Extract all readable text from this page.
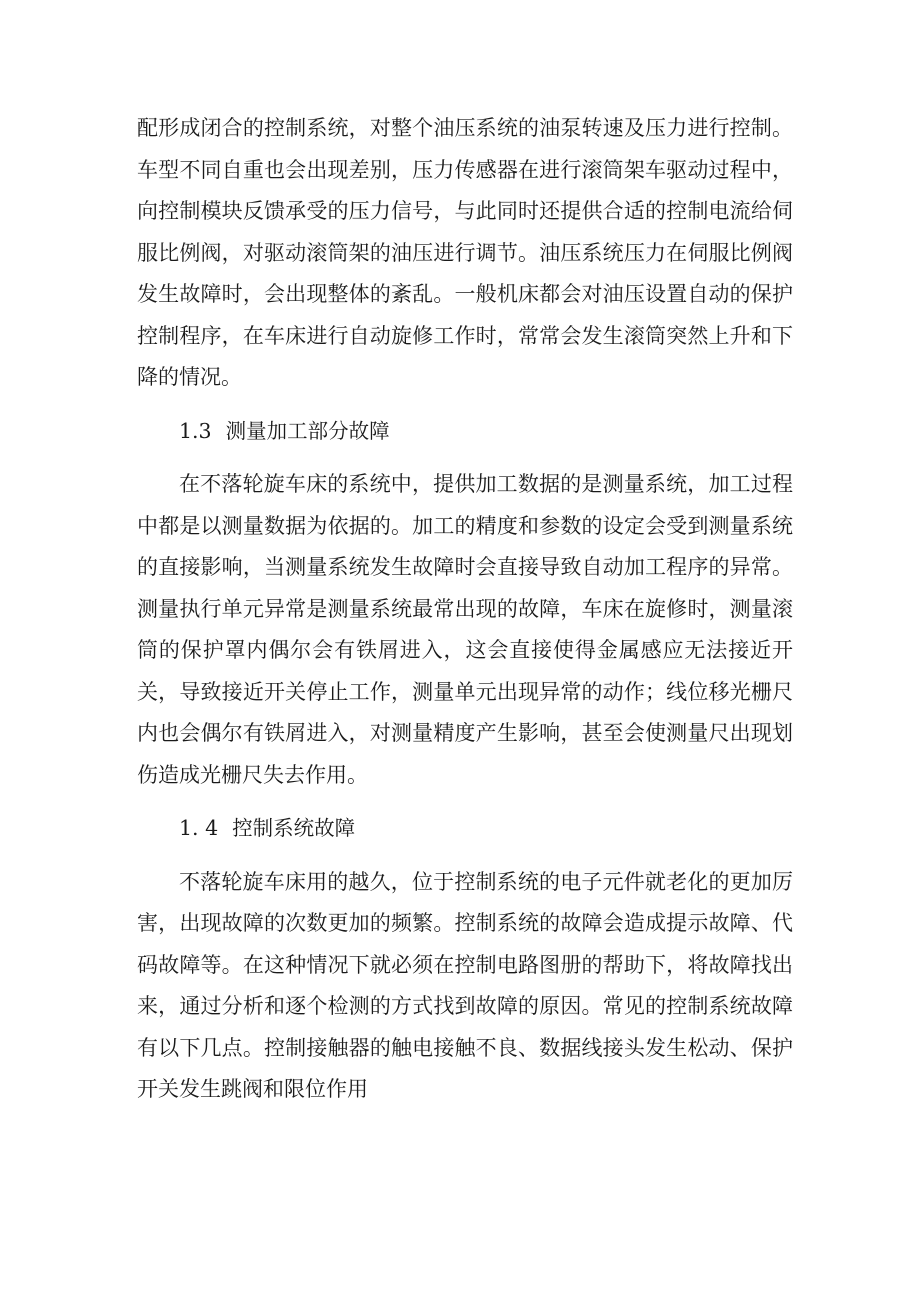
配形成闭合的控制系统，对整个油压系统的油泵转速及压力进行控制。车型不同自重也会出现差别，压力传感器在进行滚筒架车驱动过程中，向控制模块反馈承受的压力信号，与此同时还提供合适的控制电流给伺服比例阀，对驱动滚筒架的油压进行调节。油压系统压力在伺服比例阀发生故障时，会出现整体的紊乱。一般机床都会对油压设置自动的保护控制程序，在车床进行自动旋修工作时，常常会发生滚筒突然上升和下降的情况。

1.3 测量加工部分故障

在不落轮旋车床的系统中，提供加工数据的是测量系统，加工过程中都是以测量数据为依据的。加工的精度和参数的设定会受到测量系统的直接影响，当测量系统发生故障时会直接导致自动加工程序的异常。测量执行单元异常是测量系统最常出现的故障，车床在旋修时，测量滚筒的保护罩内偶尔会有铁屑进入，这会直接使得金属感应无法接近开关，导致接近开关停止工作，测量单元出现异常的动作；线位移光栅尺内也会偶尔有铁屑进入，对测量精度产生影响，甚至会使测量尺出现划伤造成光栅尺失去作用。

1. 4 控制系统故障

不落轮旋车床用的越久，位于控制系统的电子元件就老化的更加厉害，出现故障的次数更加的频繁。控制系统的故障会造成提示故障、代码故障等。在这种情况下就必须在控制电路图册的帮助下，将故障找出来，通过分析和逐个检测的方式找到故障的原因。常见的控制系统故障有以下几点。控制接触器的触电接触不良、数据线接头发生松动、保护开关发生跳阀和限位作用
